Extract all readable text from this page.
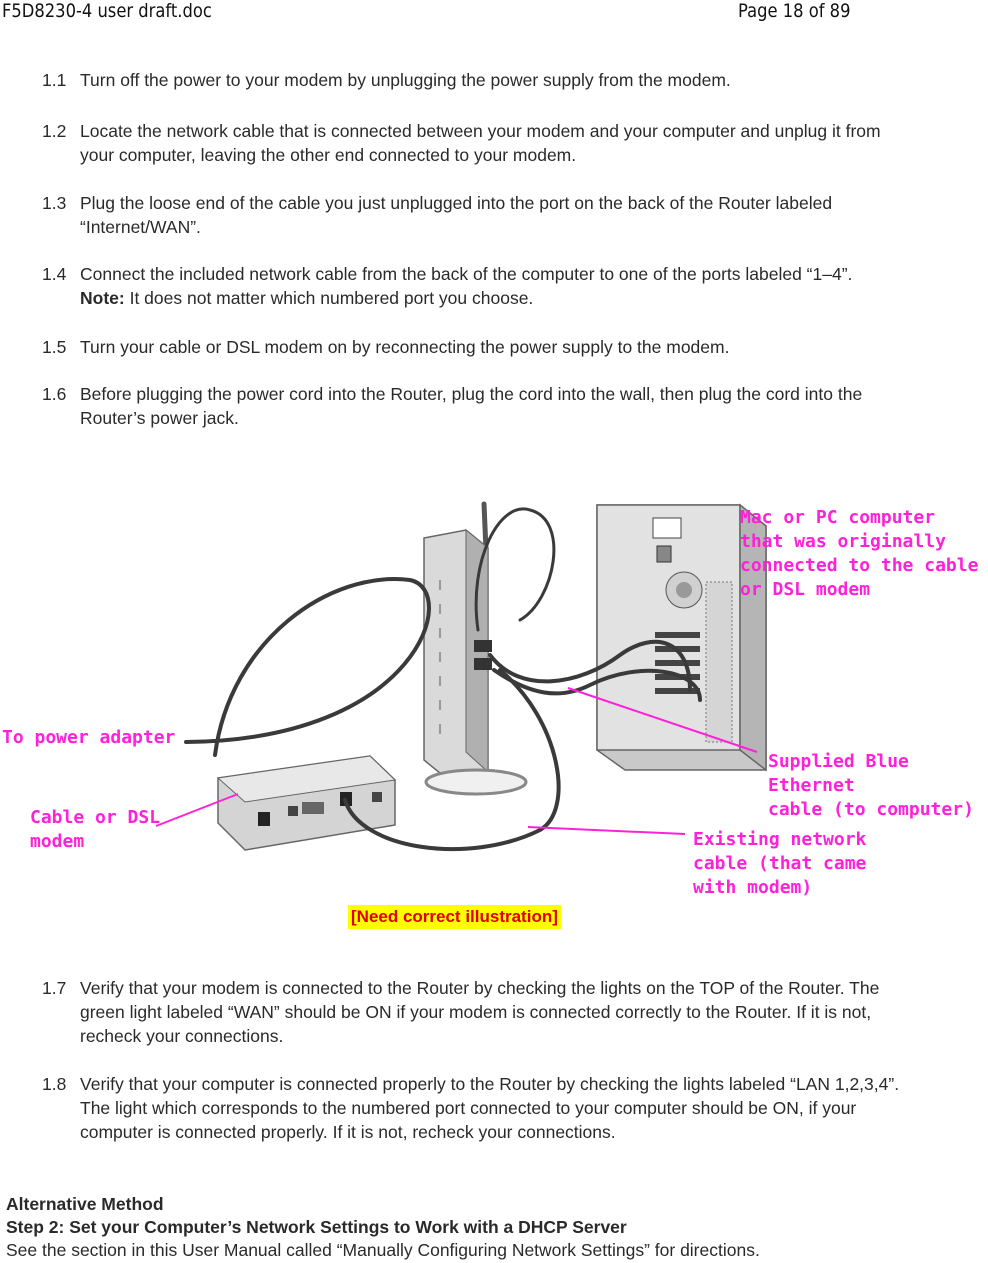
F5D8230-4 user draft.doc	Page 18 of 89
1.1 Turn off the power to your modem by unplugging the power supply from the modem.
1.2 Locate the network cable that is connected between your modem and your computer and unplug it from your computer, leaving the other end connected to your modem.
1.3 Plug the loose end of the cable you just unplugged into the port on the back of the Router labeled “Internet/WAN”.
1.4 Connect the included network cable from the back of the computer to one of the ports labeled “1–4”. Note: It does not matter which numbered port you choose.
1.5 Turn your cable or DSL modem on by reconnecting the power supply to the modem.
1.6 Before plugging the power cord into the Router, plug the cord into the wall, then plug the cord into the Router’s power jack.
Mac or PC computer
that was originally
connected to the cable
or DSL modem
To power adapter
Supplied Blue Ethernet
cable (to computer)
Cable or DSL
modem	Existing network
cable (that came
with modem)
[Need correct illustration]
1.7 Verify that your modem is connected to the Router by checking the lights on the TOP of the Router. The green light labeled “WAN” should be ON if your modem is connected correctly to the Router. If it is not, recheck your connections.
1.8 Verify that your computer is connected properly to the Router by checking the lights labeled “LAN 1,2,3,4”. The light which corresponds to the numbered port connected to your computer should be ON, if your computer is connected properly. If it is not, recheck your connections.
Alternative Method
Step 2: Set your Computer’s Network Settings to Work with a DHCP Server
See the section in this User Manual called “Manually Configuring Network Settings” for directions.
